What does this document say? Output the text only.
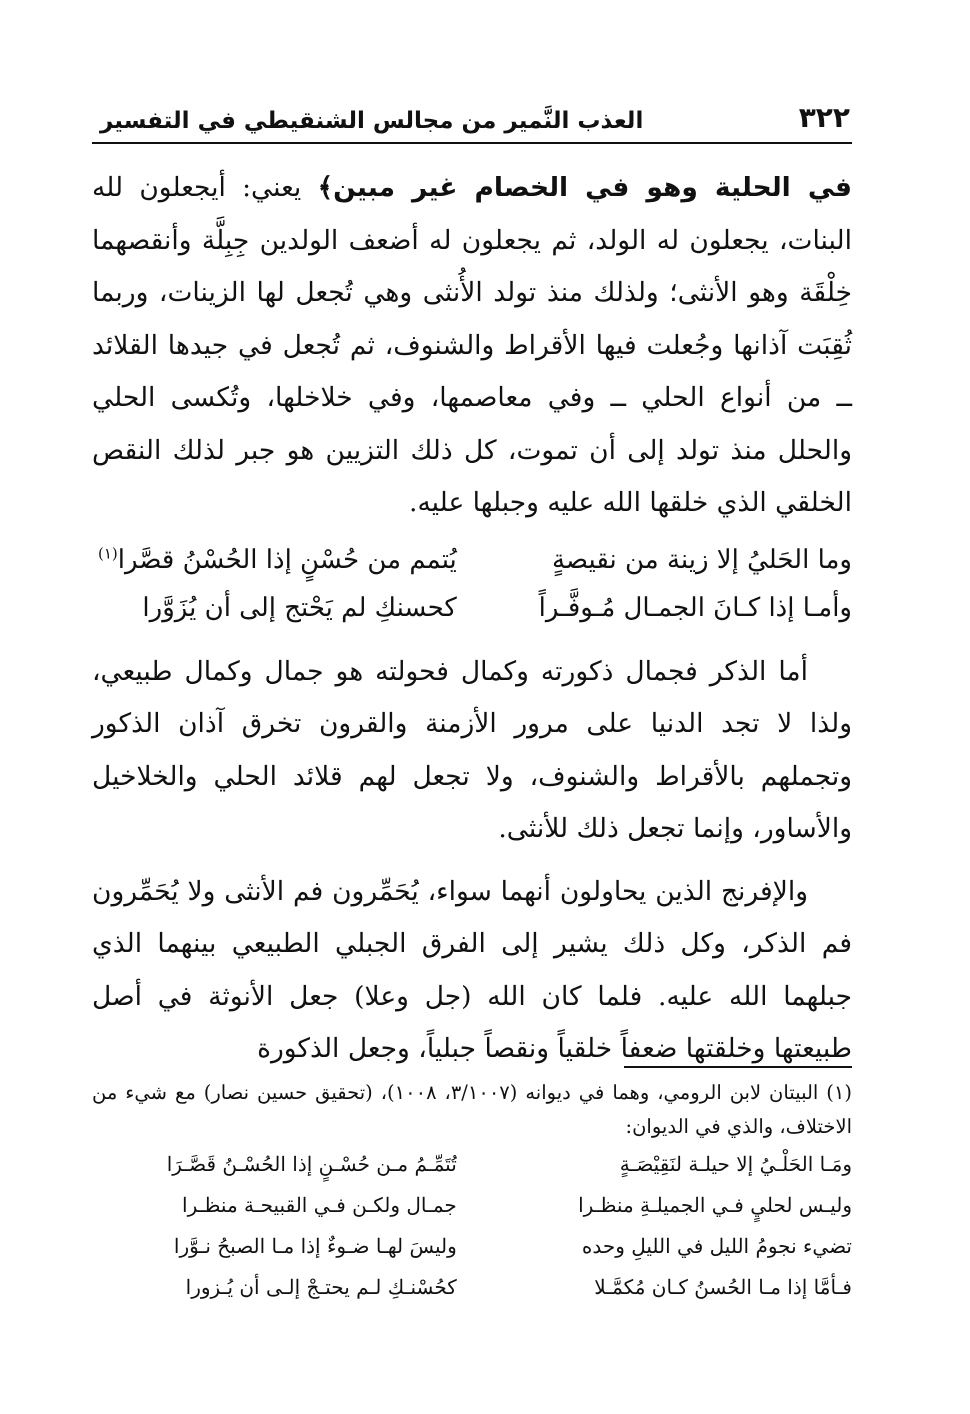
٣٢٢
العذب النَّمير من مجالس الشنقيطي في التفسير

في الحلية وهو في الخصام غير مبين﴾ يعني: أيجعلون لله البنات، يجعلون له الولد، ثم يجعلون له أضعف الولدين جِبِلَّة وأنقصهما خِلْقَة وهو الأنثى؛ ولذلك منذ تولد الأُنثى وهي تُجعل لها الزينات، وربما ثُقِبَت آذانها وجُعلت فيها الأقراط والشنوف، ثم تُجعل في جيدها القلائد ــ من أنواع الحلي ــ وفي معاصمها، وفي خلاخلها، وتُكسى الحلي والحلل منذ تولد إلى أن تموت، كل ذلك التزيين هو جبر لذلك النقص الخلقي الذي خلقها الله عليه وجبلها عليه.

وما الحَليُ إلا زينة من نقيصةٍ
يُتمم من حُسْنٍ إذا الحُسْنُ قصَّرا$^{(١)}$
وأمـا إذا كـانَ الجمـال مُـوفَّـراً
كحسنكِ لم يَحْتج إلى أن يُزَوَّرا

أما الذكر فجمال ذكورته وكمال فحولته هو جمال وكمال طبيعي، ولذا لا تجد الدنيا على مرور الأزمنة والقرون تخرق آذان الذكور وتجملهم بالأقراط والشنوف، ولا تجعل لهم قلائد الحلي والخلاخيل والأساور، وإنما تجعل ذلك للأنثى.

والإفرنج الذين يحاولون أنهما سواء، يُحَمِّرون فم الأنثى ولا يُحَمِّرون فم الذكر، وكل ذلك يشير إلى الفرق الجبلي الطبيعي بينهما الذي جبلهما الله عليه. فلما كان الله (جل وعلا) جعل الأنوثة في أصل طبيعتها وخلقتها ضعفاً خلقياً ونقصاً جبلياً، وجعل الذكورة

(١) البيتان لابن الرومي، وهما في ديوانه (٣/١٠٠٧، ١٠٠٨)، (تحقيق حسين نصار) مع شيء من الاختلاف، والذي في الديوان:

ومَـا الحَلْـيُ إلا حيلـة لنَقِيْصَـةٍ
تُتَمِّـمُ مـن حُسْـنٍ إذا الحُسْـنُ قَصَّـرَا
وليـس لحليٍ فـي الجميلـةِ منظـرا
جمـال ولكـن فـي القبيحـة منظـرا
تضيء نجومُ الليل في الليلِ وحده
وليسَ لهـا ضـوءٌ إذا مـا الصبحُ نـوَّرا
فـأمَّا إذا مـا الحُسنُ كـان مُكمَّـلا
كحُسْنـكِ لـم يحتـجْ إلـى أن يُـزورا
